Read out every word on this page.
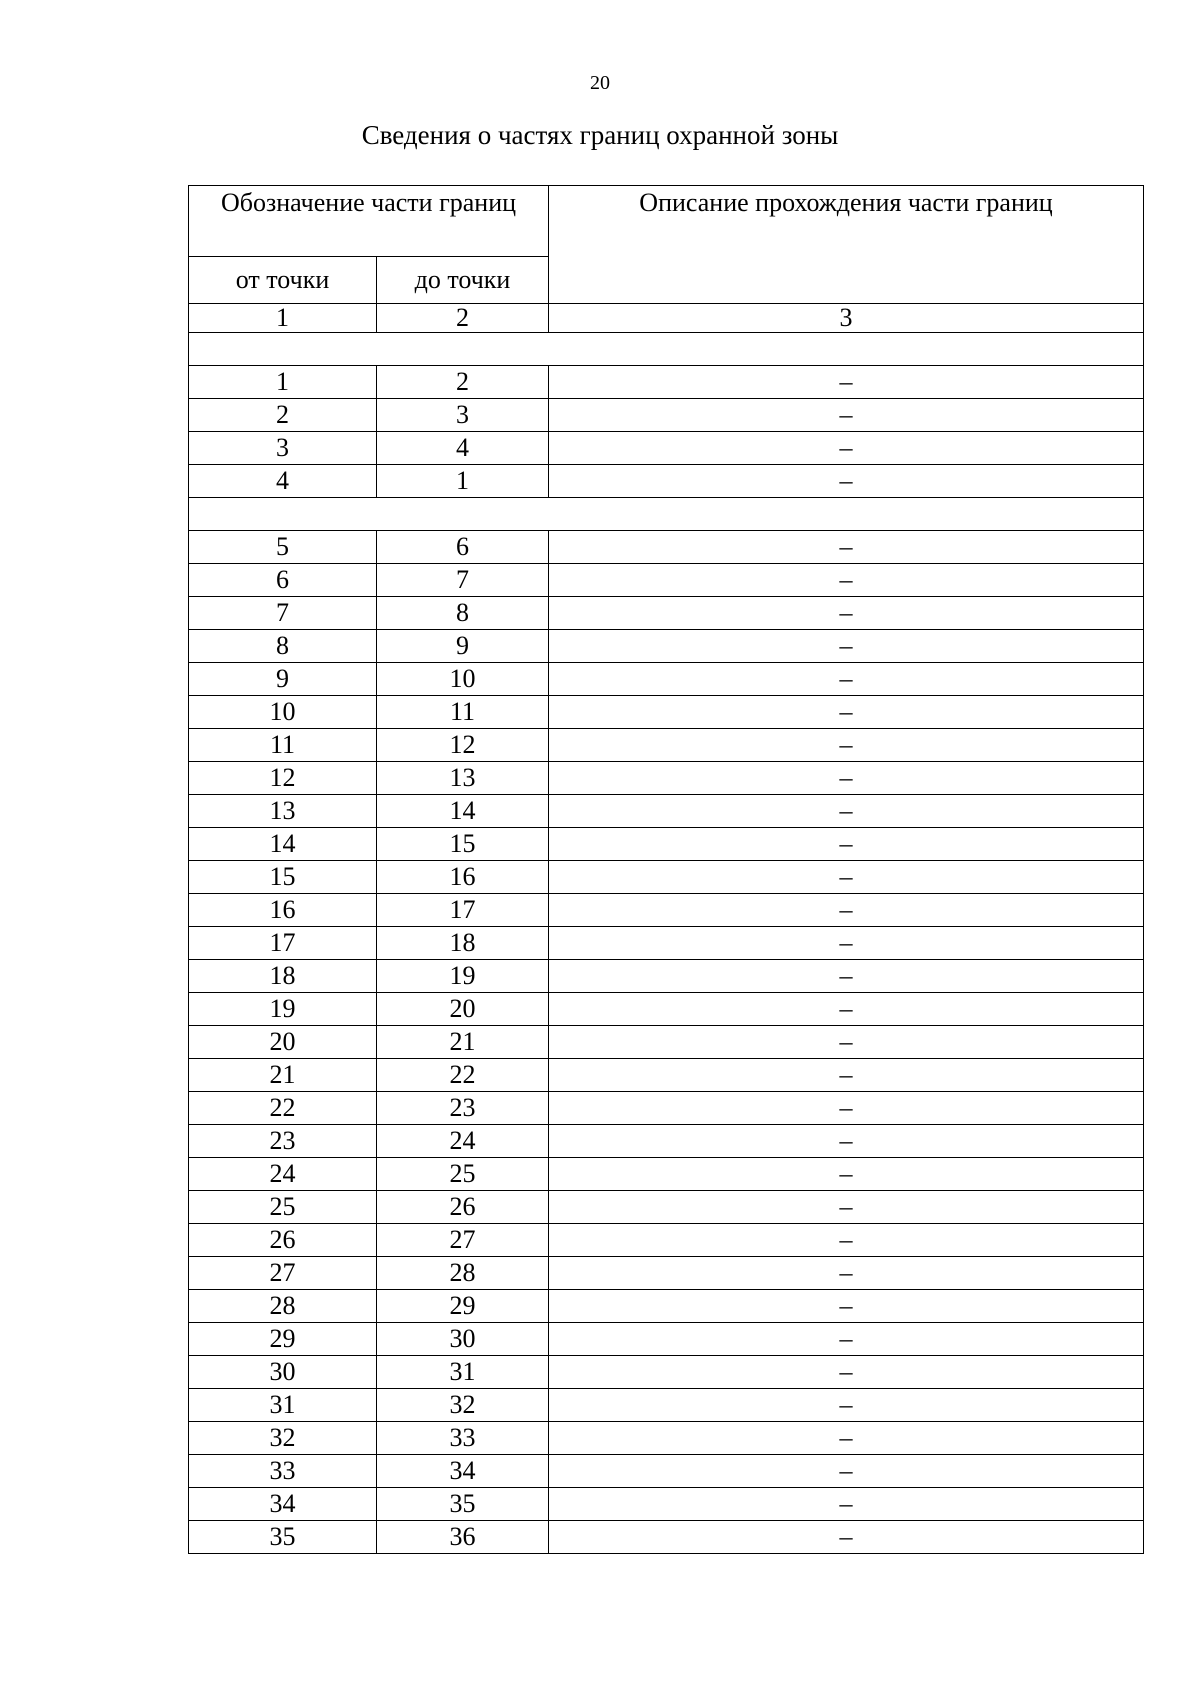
20
Сведения о частях границ охранной зоны
Обозначение части границ		Описание прохождения части границ

от точки	до точки	
1	2	3

1	2	–
2	3	–
3	4	–
4	1	–

5	6	–
6	7	–
7	8	–
8	9	–
9	10	–
10	11	–
11	12	–
12	13	–
13	14	–
14	15	–
15	16	–
16	17	–
17	18	–
18	19	–
19	20	–
20	21	–
21	22	–
22	23	–
23	24	–
24	25	–
25	26	–
26	27	–
27	28	–
28	29	–
29	30	–
30	31	–
31	32	–
32	33	–
33	34	–
34	35	–
35	36	–
